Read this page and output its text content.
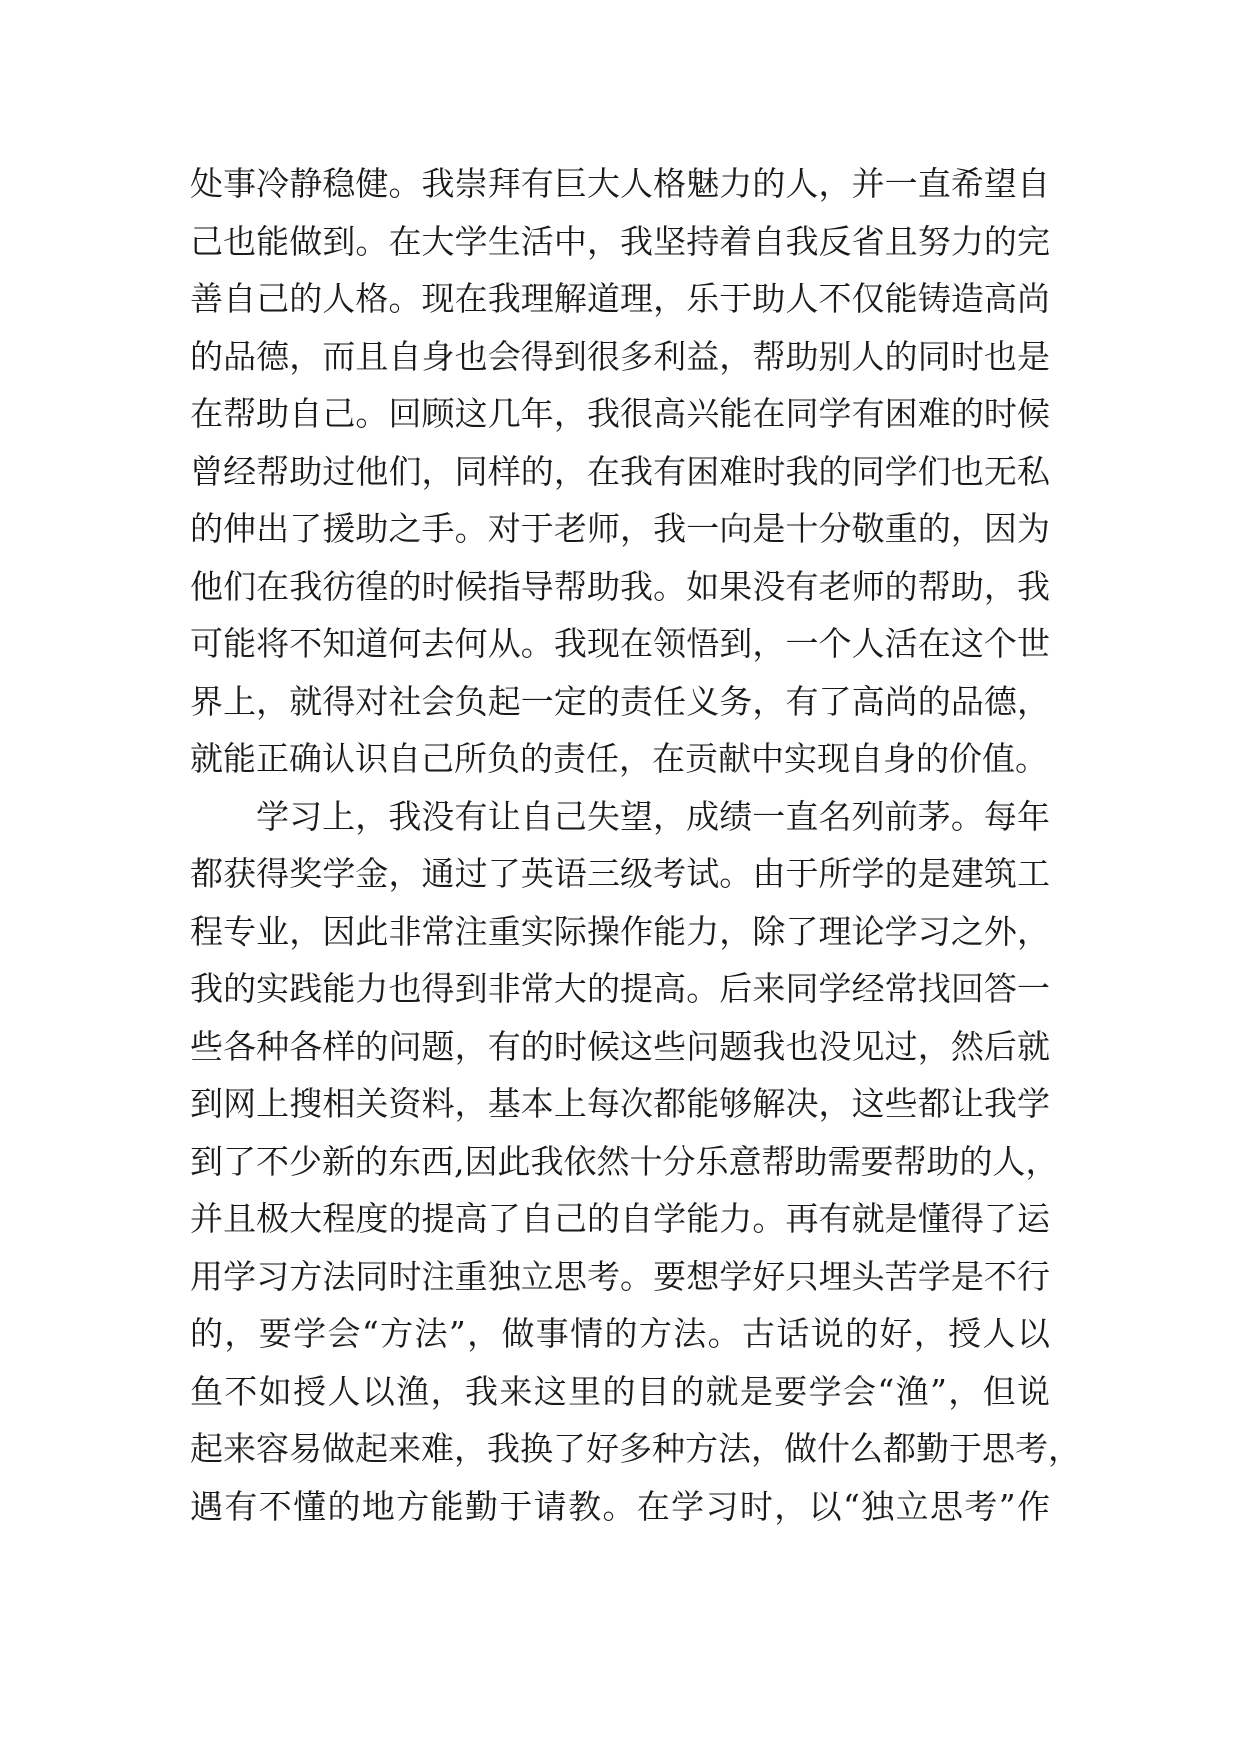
处事冷静稳健。我崇拜有巨大人格魅力的人，并一直希望自
己也能做到。在大学生活中，我坚持着自我反省且努力的完
善自己的人格。现在我理解道理，乐于助人不仅能铸造高尚
的品德，而且自身也会得到很多利益，帮助别人的同时也是
在帮助自己。回顾这几年，我很高兴能在同学有困难的时候
曾经帮助过他们，同样的，在我有困难时我的同学们也无私
的伸出了援助之手。对于老师，我一向是十分敬重的，因为
他们在我彷徨的时候指导帮助我。如果没有老师的帮助，我
可能将不知道何去何从。我现在领悟到，一个人活在这个世
界上，就得对社会负起一定的责任义务，有了高尚的品德，
就能正确认识自己所负的责任，在贡献中实现自身的价值。
学习上，我没有让自己失望，成绩一直名列前茅。每年
都获得奖学金，通过了英语三级考试。由于所学的是建筑工
程专业，因此非常注重实际操作能力，除了理论学习之外，
我的实践能力也得到非常大的提高。后来同学经常找回答一
些各种各样的问题，有的时候这些问题我也没见过，然后就
到网上搜相关资料，基本上每次都能够解决，这些都让我学
到了不少新的东西,因此我依然十分乐意帮助需要帮助的人，
并且极大程度的提高了自己的自学能力。再有就是懂得了运
用学习方法同时注重独立思考。要想学好只埋头苦学是不行
的，要学会“方法”，做事情的方法。古话说的好，授人以
鱼不如授人以渔，我来这里的目的就是要学会“渔”，但说
起来容易做起来难，我换了好多种方法，做什么都勤于思考，
遇有不懂的地方能勤于请教。在学习时，以“独立思考”作
